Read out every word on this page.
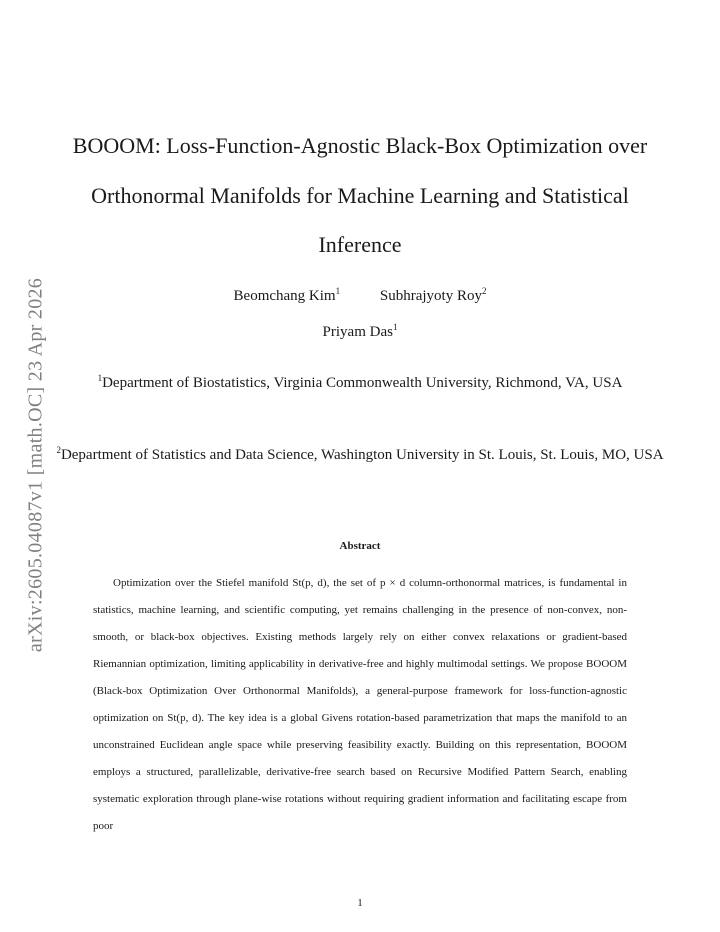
arXiv:2605.04087v1 [math.OC] 23 Apr 2026
BOOOM: Loss-Function-Agnostic Black-Box Optimization over Orthonormal Manifolds for Machine Learning and Statistical Inference
Beomchang Kim$^1$	Subhrajyoty Roy$^2$
Priyam Das$^1$
$^1$Department of Biostatistics, Virginia Commonwealth University, Richmond, VA, USA
$^2$Department of Statistics and Data Science, Washington University in St. Louis, St. Louis, MO, USA
Abstract

Optimization over the Stiefel manifold St(p, d), the set of p × d column-orthonormal matrices, is fundamental in statistics, machine learning, and scientific computing, yet remains challenging in the presence of non-convex, non-smooth, or black-box objectives. Existing methods largely rely on either convex relaxations or gradient-based Riemannian optimization, limiting applicability in derivative-free and highly multimodal settings. We propose BOOOM (Black-box Optimization Over Orthonormal Manifolds), a general-purpose framework for loss-function-agnostic optimization on St(p, d). The key idea is a global Givens rotation-based parametrization that maps the manifold to an unconstrained Euclidean angle space while preserving feasibility exactly. Building on this representation, BOOOM employs a structured, parallelizable, derivative-free search based on Recursive Modified Pattern Search, enabling systematic exploration through plane-wise rotations without requiring gradient information and facilitating escape from poor

1
